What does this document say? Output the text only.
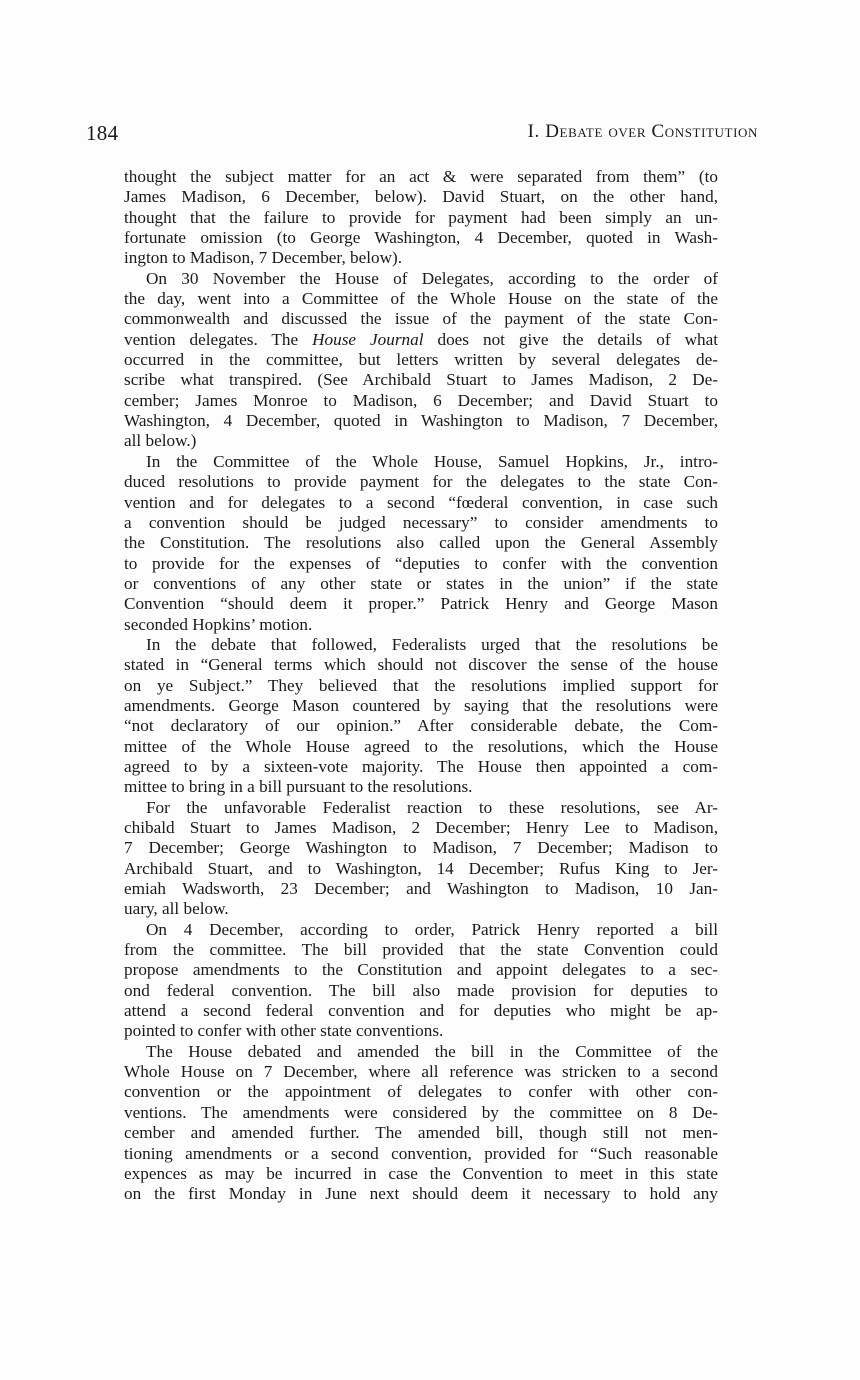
184	I. Debate over Constitution
thought the subject matter for an act & were separated from them” (to
James Madison, 6 December, below). David Stuart, on the other hand,
thought that the failure to provide for payment had been simply an un-
fortunate omission (to George Washington, 4 December, quoted in Wash-
ington to Madison, 7 December, below).
On 30 November the House of Delegates, according to the order of
the day, went into a Committee of the Whole House on the state of the
commonwealth and discussed the issue of the payment of the state Con-
vention delegates. The House Journal does not give the details of what
occurred in the committee, but letters written by several delegates de-
scribe what transpired. (See Archibald Stuart to James Madison, 2 De-
cember; James Monroe to Madison, 6 December; and David Stuart to
Washington, 4 December, quoted in Washington to Madison, 7 December,
all below.)
In the Committee of the Whole House, Samuel Hopkins, Jr., intro-
duced resolutions to provide payment for the delegates to the state Con-
vention and for delegates to a second “fœderal convention, in case such
a convention should be judged necessary” to consider amendments to
the Constitution. The resolutions also called upon the General Assembly
to provide for the expenses of “deputies to confer with the convention
or conventions of any other state or states in the union” if the state
Convention “should deem it proper.” Patrick Henry and George Mason
seconded Hopkins’ motion.
In the debate that followed, Federalists urged that the resolutions be
stated in “General terms which should not discover the sense of the house
on ye Subject.” They believed that the resolutions implied support for
amendments. George Mason countered by saying that the resolutions were
“not declaratory of our opinion.” After considerable debate, the Com-
mittee of the Whole House agreed to the resolutions, which the House
agreed to by a sixteen-vote majority. The House then appointed a com-
mittee to bring in a bill pursuant to the resolutions.
For the unfavorable Federalist reaction to these resolutions, see Ar-
chibald Stuart to James Madison, 2 December; Henry Lee to Madison,
7 December; George Washington to Madison, 7 December; Madison to
Archibald Stuart, and to Washington, 14 December; Rufus King to Jer-
emiah Wadsworth, 23 December; and Washington to Madison, 10 Jan-
uary, all below.
On 4 December, according to order, Patrick Henry reported a bill
from the committee. The bill provided that the state Convention could
propose amendments to the Constitution and appoint delegates to a sec-
ond federal convention. The bill also made provision for deputies to
attend a second federal convention and for deputies who might be ap-
pointed to confer with other state conventions.
The House debated and amended the bill in the Committee of the
Whole House on 7 December, where all reference was stricken to a second
convention or the appointment of delegates to confer with other con-
ventions. The amendments were considered by the committee on 8 De-
cember and amended further. The amended bill, though still not men-
tioning amendments or a second convention, provided for “Such reasonable
expences as may be incurred in case the Convention to meet in this state
on the first Monday in June next should deem it necessary to hold any
